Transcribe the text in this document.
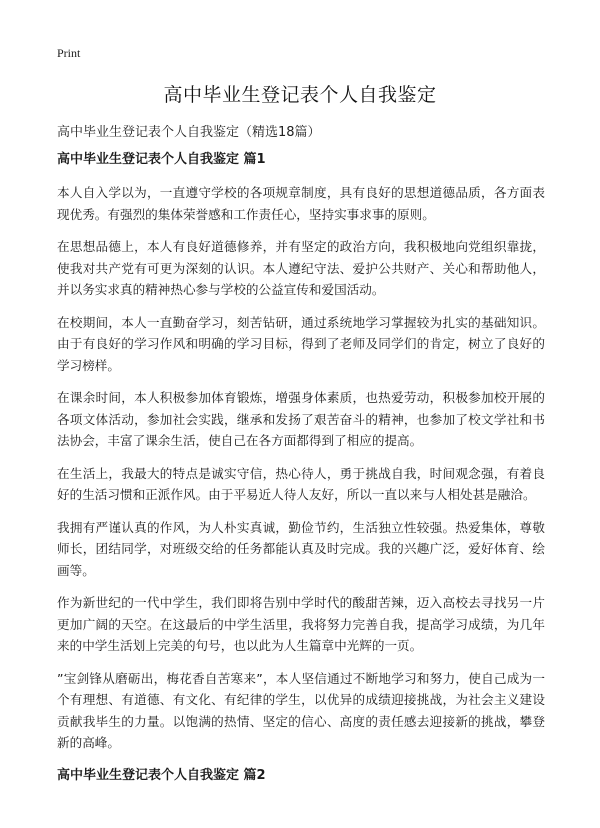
Print
高中毕业生登记表个人自我鉴定

高中毕业生登记表个人自我鉴定（精选18篇）

高中毕业生登记表个人自我鉴定 篇1

本人自入学以为，一直遵守学校的各项规章制度，具有良好的思想道德品质，各方面表现优秀。有强烈的集体荣誉感和工作责任心，坚持实事求事的原则。

在思想品德上，本人有良好道德修养，并有坚定的政治方向，我积极地向党组织靠拢，使我对共产党有可更为深刻的认识。本人遵纪守法、爱护公共财产、关心和帮助他人，并以务实求真的精神热心参与学校的公益宣传和爱国活动。

在校期间，本人一直勤奋学习，刻苦钻研，通过系统地学习掌握较为扎实的基础知识。由于有良好的学习作风和明确的学习目标，得到了老师及同学们的肯定，树立了良好的学习榜样。

在课余时间，本人积极参加体育锻炼，增强身体素质，也热爱劳动，积极参加校开展的各项文体活动，参加社会实践，继承和发扬了艰苦奋斗的精神，也参加了校文学社和书法协会，丰富了课余生活，使自己在各方面都得到了相应的提高。

在生活上，我最大的特点是诚实守信，热心待人，勇于挑战自我，时间观念强，有着良好的生活习惯和正派作风。由于平易近人待人友好，所以一直以来与人相处甚是融洽。

我拥有严谨认真的作风，为人朴实真诚，勤俭节约，生活独立性较强。热爱集体，尊敬师长，团结同学，对班级交给的任务都能认真及时完成。我的兴趣广泛，爱好体育、绘画等。

作为新世纪的一代中学生，我们即将告别中学时代的酸甜苦辣，迈入高校去寻找另一片更加广阔的天空。在这最后的中学生活里，我将努力完善自我，提高学习成绩，为几年来的中学生活划上完美的句号，也以此为人生篇章中光辉的一页。

”宝剑锋从磨砺出，梅花香自苦寒来”，本人坚信通过不断地学习和努力，使自己成为一个有理想、有道德、有文化、有纪律的学生，以优异的成绩迎接挑战，为社会主义建设贡献我毕生的力量。以饱满的热情、坚定的信心、高度的责任感去迎接新的挑战，攀登新的高峰。

高中毕业生登记表个人自我鉴定 篇2
